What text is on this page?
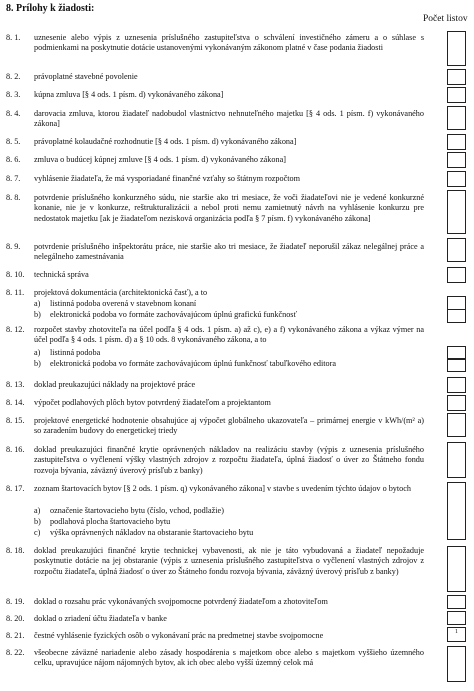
8. Prílohy k žiadosti:
Počet listov
8. 1.	uznesenie alebo výpis z uznesenia príslušného zastupiteľstva o schválení investičného zámeru a o súhlase s podmienkami na poskytnutie dotácie ustanovenými vykonávaným zákonom platné v čase podania žiadosti
8. 2.	právoplatné stavebné povolenie
8. 3.	kúpna zmluva [§ 4 ods. 1 písm. d) vykonávaného zákona]
8. 4.	darovacia zmluva, ktorou žiadateľ nadobudol vlastníctvo nehnuteľného majetku [§ 4 ods. 1 písm. f) vykonávaného zákona]
8. 5.	právoplatné kolaudačné rozhodnutie [§ 4 ods. 1 písm. d) vykonávaného zákona]
8. 6.	zmluva o budúcej kúpnej zmluve [§ 4 ods. 1 písm. d) vykonávaného zákona]
8. 7.	vyhlásenie žiadateľa, že má vysporiadané finančné vzťahy so štátnym rozpočtom
8. 8.	potvrdenie príslušného konkurzného súdu, nie staršie ako tri mesiace, že voči žiadateľovi nie je vedené konkurzné konanie, nie je v konkurze, reštrukturalizácii a nebol proti nemu zamietnutý návrh na vyhlásenie konkurzu pre nedostatok majetku [ak je žiadateľom nezisková organizácia podľa § 7 písm. f) vykonávaného zákona]
8. 9.	potvrdenie príslušného inšpektorátu práce, nie staršie ako tri mesiace, že žiadateľ neporušil zákaz nelegálnej práce a nelegálneho zamestnávania
8. 10.	technická správa
8. 11.	projektová dokumentácia (architektonická časť), a to
a) listinná podoba overená v stavebnom konaní
b) elektronická podoba vo formáte zachovávajúcom úplnú grafickú funkčnosť
8. 12.	rozpočet stavby zhotoviteľa na účel podľa § 4 ods. 1 písm. a) až c), e) a f) vykonávaného zákona a výkaz výmer na účel podľa § 4 ods. 1 písm. d) a § 10 ods. 8 vykonávaného zákona, a to
a) listinná podoba
b) elektronická podoba vo formáte zachovávajúcom úplnú funkčnosť tabuľkového editora
8. 13.	doklad preukazujúci náklady na projektové práce
8. 14.	výpočet podlahových plôch bytov potvrdený žiadateľom a projektantom
8. 15.	projektové energetické hodnotenie obsahujúce aj výpočet globálneho ukazovateľa – primárnej energie v kWh/(m² a) so zaradením budovy do energetickej triedy
8. 16.	doklad preukazujúci finančné krytie oprávnených nákladov na realizáciu stavby (výpis z uznesenia príslušného zastupiteľstva o vyčlenení výšky vlastných zdrojov z rozpočtu žiadateľa, úplná žiadosť o úver zo Štátneho fondu rozvoja bývania, záväzný úverový prísľub z banky)
8. 17.	zoznam štartovacích bytov [§ 2 ods. 1 písm. q) vykonávaného zákona] v stavbe s uvedením týchto údajov o bytoch
a) označenie štartovacieho bytu (číslo, vchod, podlažie)
b) podlahová plocha štartovacieho bytu
c) výška oprávnených nákladov na obstaranie štartovacieho bytu
8. 18.	doklad preukazujúci finančné krytie technickej vybavenosti, ak nie je táto vybudovaná a žiadateľ nepožaduje poskytnutie dotácie na jej obstaranie (výpis z uznesenia príslušného zastupiteľstva o vyčlenení vlastných zdrojov z rozpočtu žiadateľa, úplná žiadosť o úver zo Štátneho fondu rozvoja bývania, záväzný úverový prísľub z banky)
8. 19.	doklad o rozsahu prác vykonávaných svojpomocne potvrdený žiadateľom a zhotoviteľom
8. 20.	doklad o zriadení účtu žiadateľa v banke
8. 21.	čestné vyhlásenie fyzických osôb o vykonávaní prác na predmetnej stavbe svojpomocne	1
8. 22.	všeobecne záväzné nariadenie alebo zásady hospodárenia s majetkom obce alebo s majetkom vyššieho územného celku, upravujúce nájom nájomných bytov, ak ich obec alebo vyšší územný celok má
